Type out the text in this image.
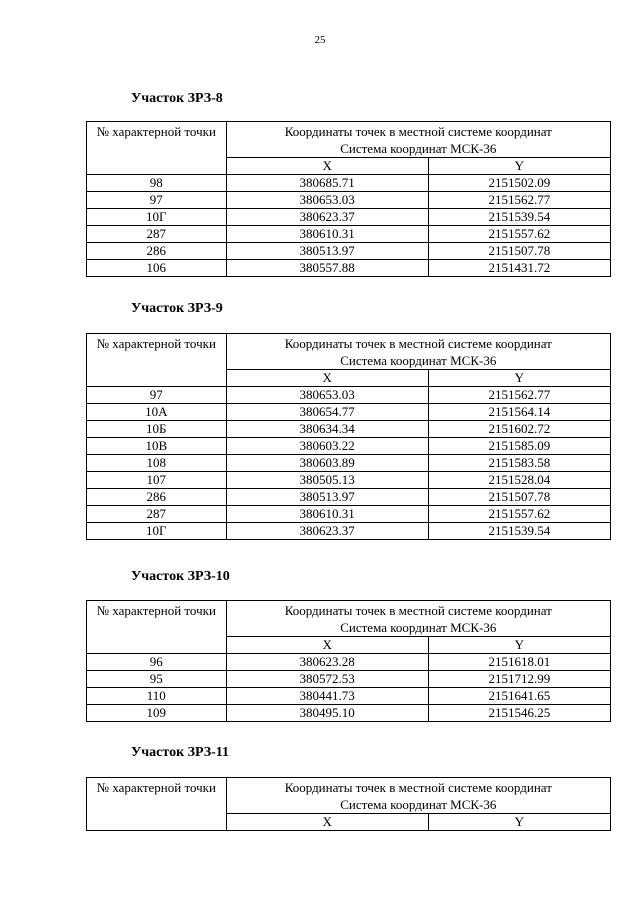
25
Участок ЗРЗ-8
№ характерной точки	Координаты точек в местной системе координат
Система координат МСК-36	

	X	Y
98	380685.71	2151502.09
97	380653.03	2151562.77
10Г	380623.37	2151539.54
287	380610.31	2151557.62
286	380513.97	2151507.78
106	380557.88	2151431.72
Участок ЗРЗ-9
№ характерной точки	Координаты точек в местной системе координат
Система координат МСК-36	

	X	Y
97	380653.03	2151562.77
10А	380654.77	2151564.14
10Б	380634.34	2151602.72
10В	380603.22	2151585.09
108	380603.89	2151583.58
107	380505.13	2151528.04
286	380513.97	2151507.78
287	380610.31	2151557.62
10Г	380623.37	2151539.54
Участок ЗРЗ-10
№ характерной точки	Координаты точек в местной системе координат
Система координат МСК-36	

	X	Y
96	380623.28	2151618.01
95	380572.53	2151712.99
110	380441.73	2151641.65
109	380495.10	2151546.25
Участок ЗРЗ-11
№ характерной точки	Координаты точек в местной системе координат
Система координат МСК-36	

	X	Y
